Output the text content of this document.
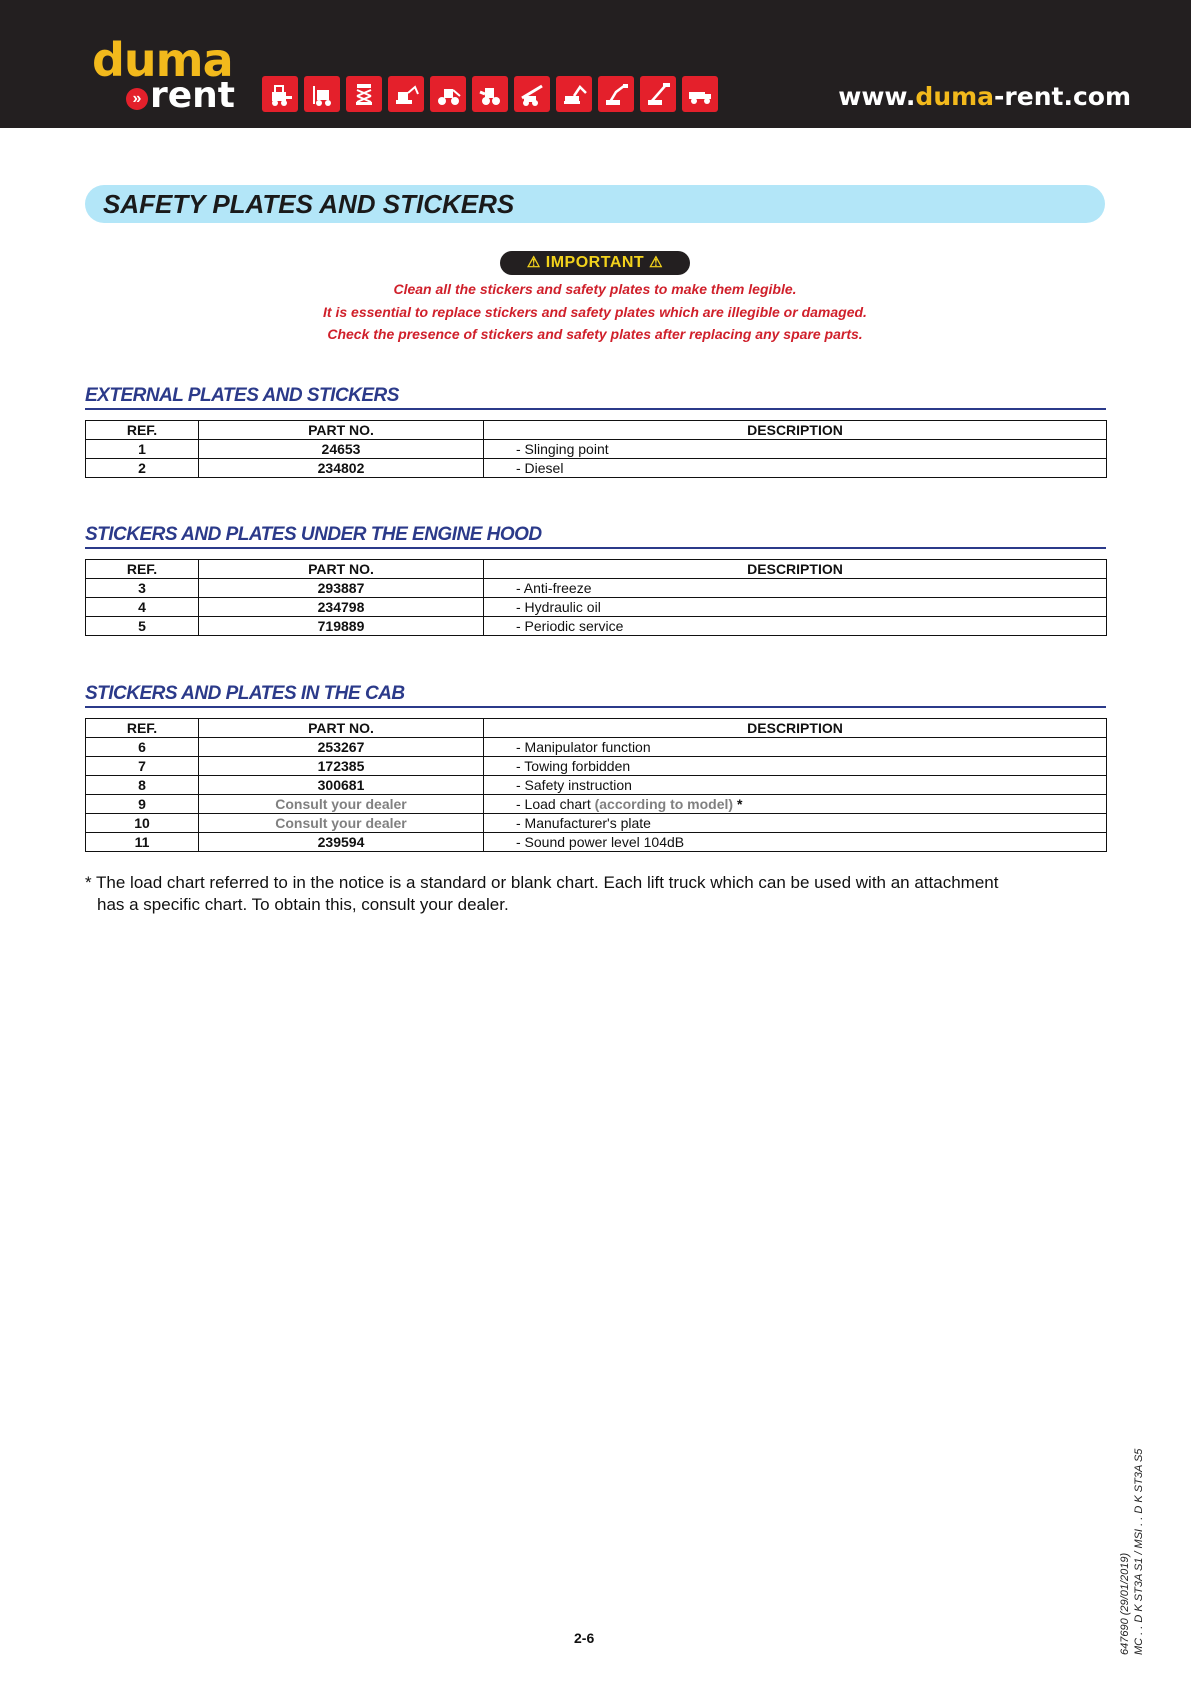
duma
» rent	www.duma-rent.com
SAFETY PLATES AND STICKERS
⚠ IMPORTANT ⚠
Clean all the stickers and safety plates to make them legible.
It is essential to replace stickers and safety plates which are illegible or damaged.
Check the presence of stickers and safety plates after replacing any spare parts.
EXTERNAL PLATES AND STICKERS
REF.	PART NO.	DESCRIPTION
1	24653	- Slinging point
2	234802	- Diesel
STICKERS AND PLATES UNDER THE ENGINE HOOD
REF.	PART NO.	DESCRIPTION
3	293887	- Anti-freeze
4	234798	- Hydraulic oil
5	719889	- Periodic service
STICKERS AND PLATES IN THE CAB
REF.	PART NO.	DESCRIPTION
6	253267	- Manipulator function
7	172385	- Towing forbidden
8	300681	- Safety instruction
9	Consult your dealer	- Load chart (according to model) *
10	Consult your dealer	- Manufacturer's plate
11	239594	- Sound power level 104dB
* The load chart referred to in the notice is a standard or blank chart. Each lift truck which can be used with an attachment
has a specific chart. To obtain this, consult your dealer.
2-6	647690 (29/01/2019) MC . . D K ST3A S1 / MSI . . D K ST3A S5
